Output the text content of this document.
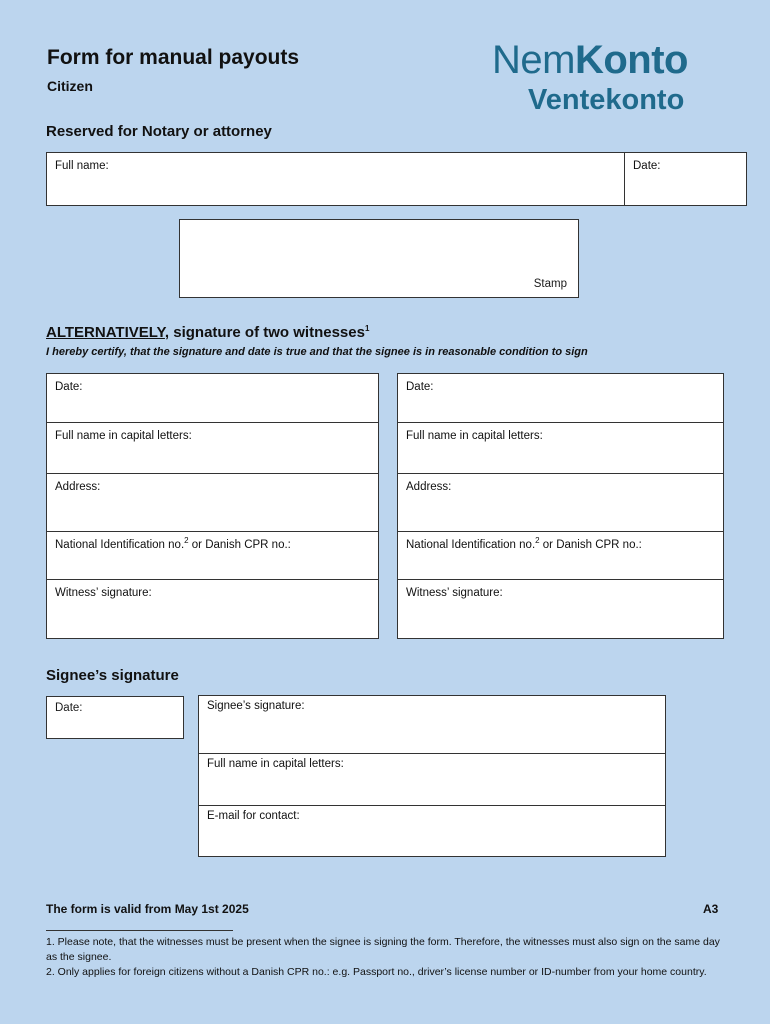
Form for manual payouts
Citizen
NemKonto
Ventekonto
Reserved for Notary or attorney
Full name:	Date:
Stamp
ALTERNATIVELY, signature of two witnesses$^1$
I hereby certify, that the signature and date is true and that the signee is in reasonable condition to sign
Date:
Full name in capital letters:
Address:
National Identification no.$^2$ or Danish CPR no.:
Witness’ signature:
Date:
Full name in capital letters:
Address:
National Identification no.$^2$ or Danish CPR no.:
Witness’ signature:
Signee’s signature
Date:	Signee’s signature:
Full name in capital letters:
E-mail for contact:
The form is valid from May 1st 2025	A3
1. Please note, that the witnesses must be present when the signee is signing the form. Therefore, the witnesses must also sign on the same day as the signee.
2. Only applies for foreign citizens without a Danish CPR no.: e.g. Passport no., driver’s license number or ID-number from your home country.
